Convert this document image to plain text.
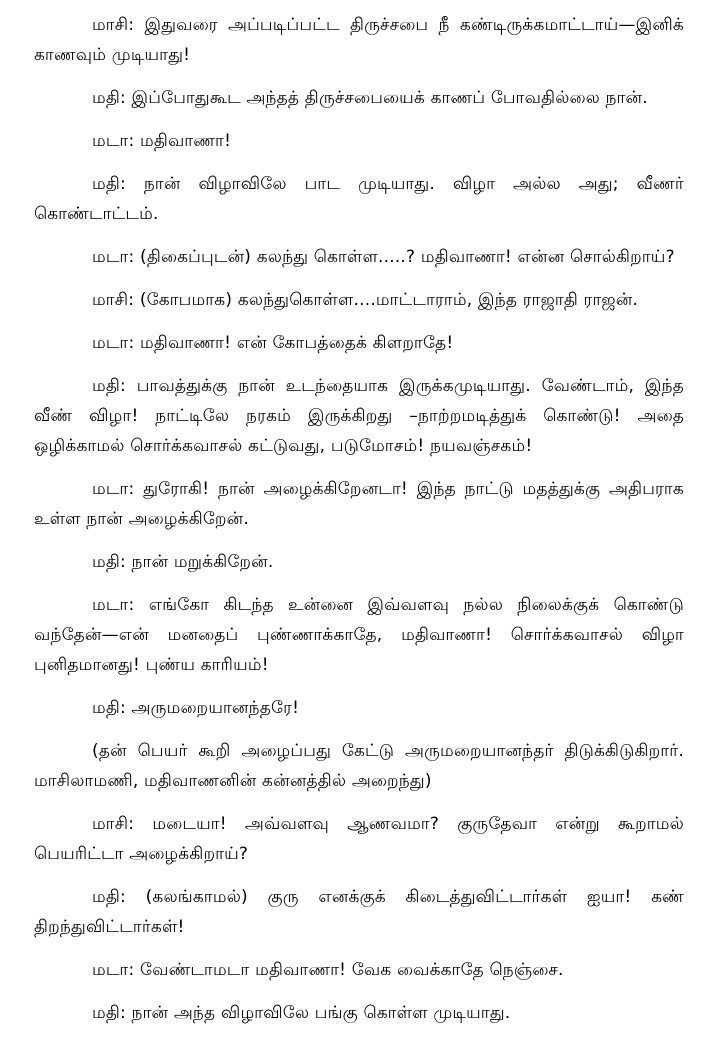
மாசி: இதுவரை அப்படிப்பட்ட திருச்சபை நீ கண்டிருக்கமாட்டாய்—இனிக் காணவும் முடியாது!

மதி: இப்போதுகூட அந்தத் திருச்சபையைக் காணப் போவதில்லை நான்.

மடா: மதிவாணா!

மதி: நான் விழாவிலே பாட முடியாது. விழா அல்ல அது; வீணர் கொண்டாட்டம்.

மடா: (திகைப்புடன்) கலந்து கொள்ள.....? மதிவாணா! என்ன சொல்கிறாய்?

மாசி: (கோபமாக) கலந்துகொள்ள....மாட்டாராம், இந்த ராஜாதி ராஜன்.

மடா: மதிவாணா! என் கோபத்தைக் கிளறாதே!

மதி: பாவத்துக்கு நான் உடந்தையாக இருக்கமுடியாது. வேண்டாம், இந்த வீண் விழா! நாட்டிலே நரகம் இருக்கிறது –நாற்றமடித்துக் கொண்டு! அதை ஒழிக்காமல் சொர்க்கவாசல் கட்டுவது, படுமோசம்! நயவஞ்சகம்!

மடா: துரோகி! நான் அழைக்கிறேனடா! இந்த நாட்டு மதத்துக்கு அதிபராக உள்ள நான் அழைக்கிறேன்.

மதி: நான் மறுக்கிறேன்.

மடா: எங்கோ கிடந்த உன்னை இவ்வளவு நல்ல நிலைக்குக் கொண்டு வந்தேன்—என் மனதைப் புண்ணாக்காதே, மதிவாணா! சொர்க்கவாசல் விழா புனிதமானது! புண்ய காரியம்!

மதி: அருமறையானந்தரே!

(தன் பெயர் கூறி அழைப்பது கேட்டு அருமறையானந்தர் திடுக்கிடுகிறார். மாசிலாமணி, மதிவாணனின் கன்னத்தில் அறைந்து)

மாசி: மடையா! அவ்வளவு ஆணவமா? குருதேவா என்று கூறாமல் பெயரிட்டா அழைக்கிறாய்?

மதி: (கலங்காமல்) குரு எனக்குக் கிடைத்துவிட்டார்கள் ஐயா! கண் திறந்துவிட்டார்கள்!

மடா: வேண்டாமடா மதிவாணா! வேக வைக்காதே நெஞ்சை.

மதி: நான் அந்த விழாவிலே பங்கு கொள்ள முடியாது.
